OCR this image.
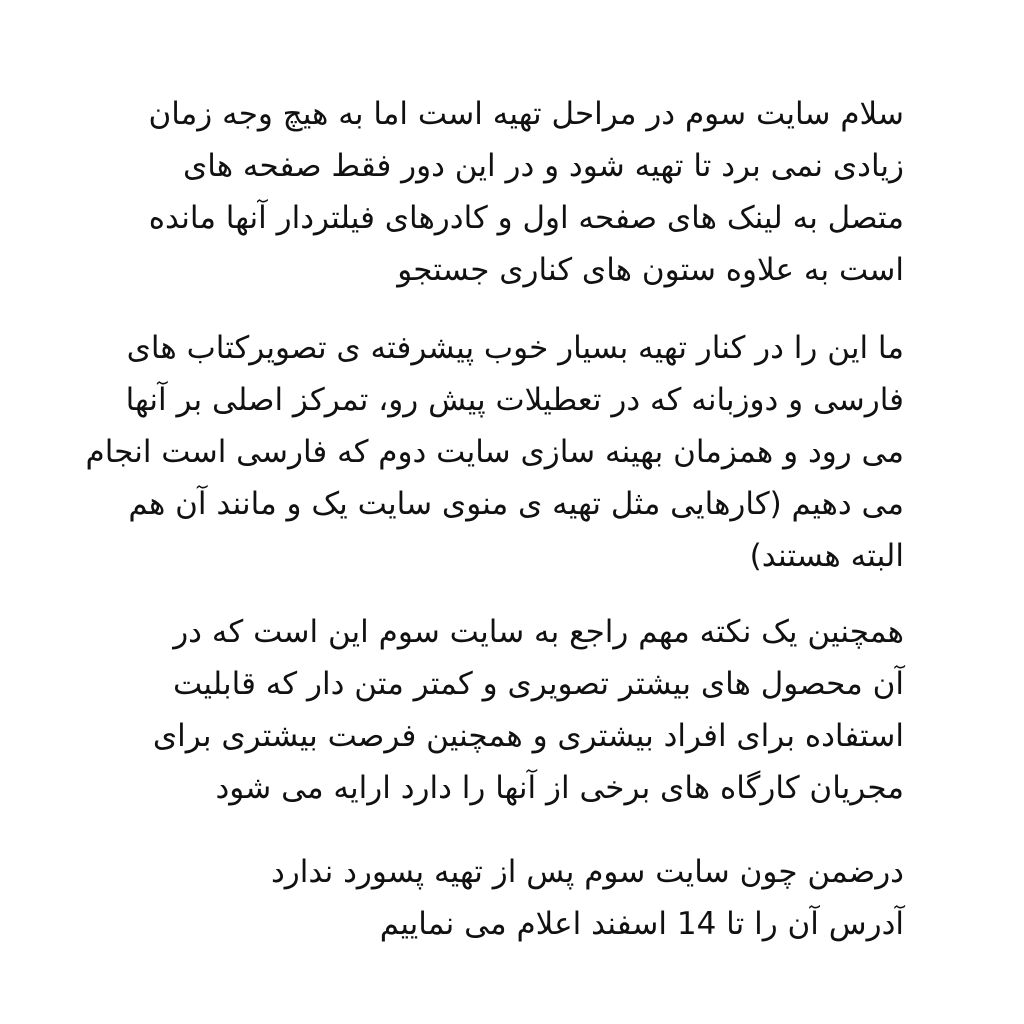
سلام سایت سوم در مراحل تهیه است اما به هیچ وجه زمان
زیادی نمی برد تا تهیه شود و در این دور فقط صفحه های
متصل به لینک های صفحه اول و کادرهای فیلتردار آنها مانده
است به علاوه ستون های کناری جستجو
ما این را در کنار تهیه بسیار خوب پیشرفته ی تصویرکتاب های
فارسی و دوزبانه که در تعطیلات پیش رو، تمرکز اصلی بر آنها
می رود و همزمان بهینه سازی سایت دوم که فارسی است انجام
می دهیم (کارهایی مثل تهیه ی منوی سایت یک و مانند آن هم
البته هستند)
همچنین یک نکته مهم راجع به سایت سوم این است که در
آن محصول های بیشتر تصویری و کمتر متن دار که قابلیت
استفاده برای افراد بیشتری و همچنین فرصت بیشتری برای
مجریان کارگاه های برخی از آنها را دارد ارایه می شود
درضمن چون سایت سوم پس از تهیه پسورد ندارد
آدرس آن را تا 14 اسفند اعلام می نماییم
